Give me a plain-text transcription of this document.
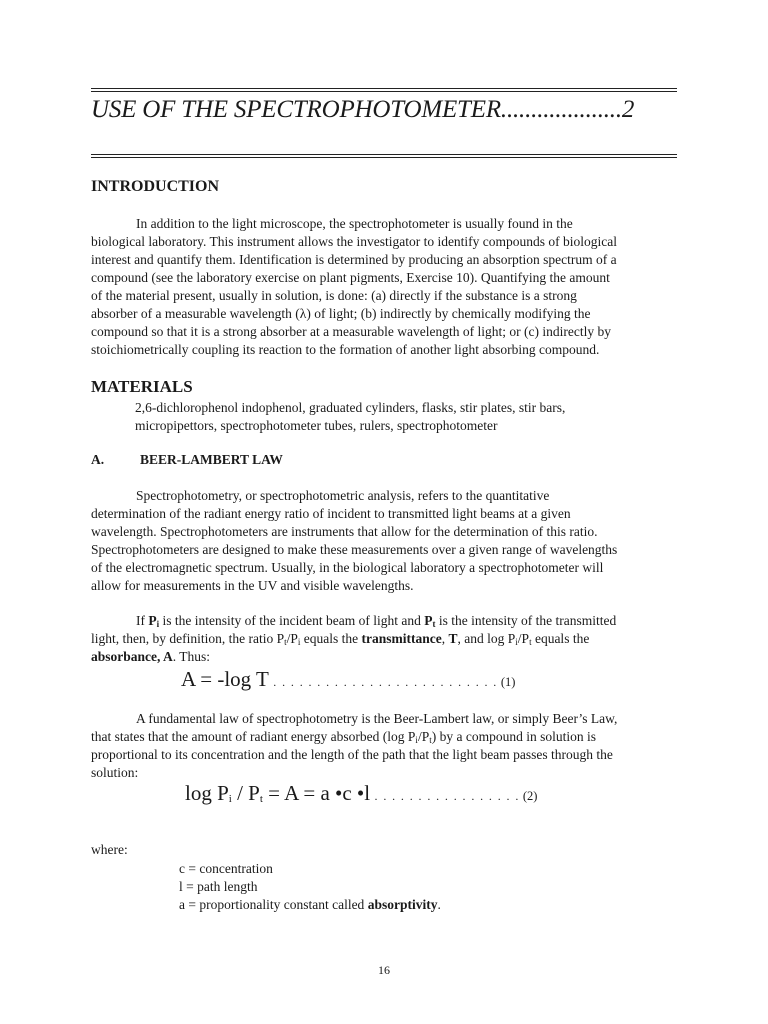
USE OF THE SPECTROPHOTOMETER....................2
INTRODUCTION
In addition to the light microscope, the spectrophotometer is usually found in the
biological laboratory. This instrument allows the investigator to identify compounds of biological
interest and quantify them. Identification is determined by producing an absorption spectrum of a
compound (see the laboratory exercise on plant pigments, Exercise 10). Quantifying the amount
of the material present, usually in solution, is done: (a) directly if the substance is a strong
absorber of a measurable wavelength (λ) of light; (b) indirectly by chemically modifying the
compound so that it is a strong absorber at a measurable wavelength of light; or (c) indirectly by
stoichiometrically coupling its reaction to the formation of another light absorbing compound.
MATERIALS
2,6-dichlorophenol indophenol, graduated cylinders, flasks, stir plates, stir bars,
micropipettors, spectrophotometer tubes, rulers, spectrophotometer
A.	BEER-LAMBERT LAW
Spectrophotometry, or spectrophotometric analysis, refers to the quantitative
determination of the radiant energy ratio of incident to transmitted light beams at a given
wavelength. Spectrophotometers are instruments that allow for the determination of this ratio.
Spectrophotometers are designed to make these measurements over a given range of wavelengths
of the electromagnetic spectrum. Usually, in the biological laboratory a spectrophotometer will
allow for measurements in the UV and visible wavelengths.
If $P_i$ is the intensity of the incident beam of light and $P_t$ is the intensity of the transmitted
light, then, by definition, the ratio $P_t/P_i$ equals the transmittance, T, and $\log P_i/P_t$ equals the
absorbance, A. Thus:
A = -log T . . . . . . . . . . . . . . . . . . . . . . . . . . (1)
A fundamental law of spectrophotometry is the Beer-Lambert law, or simply Beer’s Law,
that states that the amount of radiant energy absorbed (log $P_i/P_t$) by a compound in solution is
proportional to its concentration and the length of the path that the light beam passes through the
solution:
$\log P_i / P_t = A = a$ •c •l . . . . . . . . . . . . . . . . . (2)
where:
c = concentration
l = path length
a = proportionality constant called absorptivity.
16
